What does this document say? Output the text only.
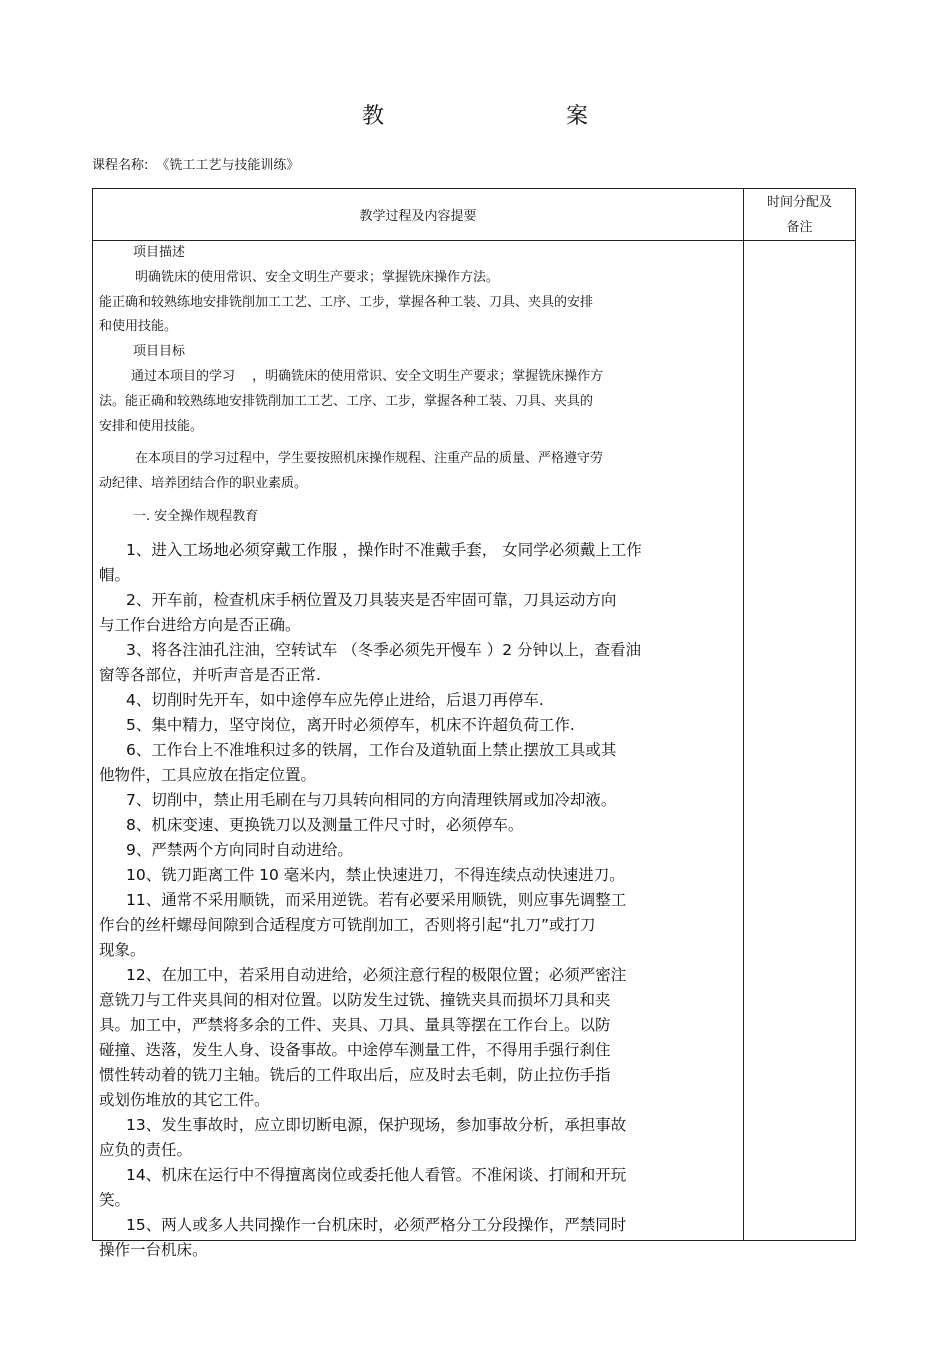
教　　案
课程名称: 《铣工工艺与技能训练》
教学过程及内容提要
时间分配及
备注

项目描述

明确铣床的使用常识、安全文明生产要求；掌握铣床操作方法。

能正确和较熟练地安排铣削加工工艺、工序、工步，掌握各种工装、刀具、夹具的安排

和使用技能。

项目目标

通过本项目的学习　 ，明确铣床的使用常识、安全文明生产要求；掌握铣床操作方

法。能正确和较熟练地安排铣削加工工艺、工序、工步，掌握各种工装、刀具、夹具的

安排和使用技能。

在本项目的学习过程中，学生要按照机床操作规程、注重产品的质量、严格遵守劳

动纪律、培养团结合作的职业素质。

一. 安全操作规程教育

1、进入工场地必须穿戴工作服 ，操作时不准戴手套， 女同学必须戴上工作

帽。

2、开车前，检查机床手柄位置及刀具装夹是否牢固可靠，刀具运动方向

与工作台进给方向是否正确。

3、将各注油孔注油，空转试车 （冬季必须先开慢车 ）2 分钟以上，查看油

窗等各部位，并听声音是否正常.

4、切削时先开车，如中途停车应先停止进给，后退刀再停车.

5、集中精力，坚守岗位，离开时必须停车，机床不许超负荷工作.

6、工作台上不准堆积过多的铁屑，工作台及道轨面上禁止摆放工具或其

他物件，工具应放在指定位置。

7、切削中，禁止用毛刷在与刀具转向相同的方向清理铁屑或加冷却液。

8、机床变速、更换铣刀以及测量工件尺寸时，必须停车。

9、严禁两个方向同时自动进给。

10、铣刀距离工件 10 毫米内，禁止快速进刀，不得连续点动快速进刀。

11、通常不采用顺铣，而采用逆铣。若有必要采用顺铣，则应事先调整工

作台的丝杆螺母间隙到合适程度方可铣削加工，否则将引起“扎刀”或打刀

现象。

12、在加工中，若采用自动进给，必须注意行程的极限位置；必须严密注

意铣刀与工件夹具间的相对位置。以防发生过铣、撞铣夹具而损坏刀具和夹

具。加工中，严禁将多余的工件、夹具、刀具、量具等摆在工作台上。以防

碰撞、迭落，发生人身、设备事故。中途停车测量工件，不得用手强行刹住

惯性转动着的铣刀主轴。铣后的工件取出后，应及时去毛刺，防止拉伤手指

或划伤堆放的其它工件。

13、发生事故时，应立即切断电源，保护现场，参加事故分析，承担事故

应负的责任。

14、机床在运行中不得擅离岗位或委托他人看管。不准闲谈、打闹和开玩

笑。

15、两人或多人共同操作一台机床时，必须严格分工分段操作，严禁同时

操作一台机床。
